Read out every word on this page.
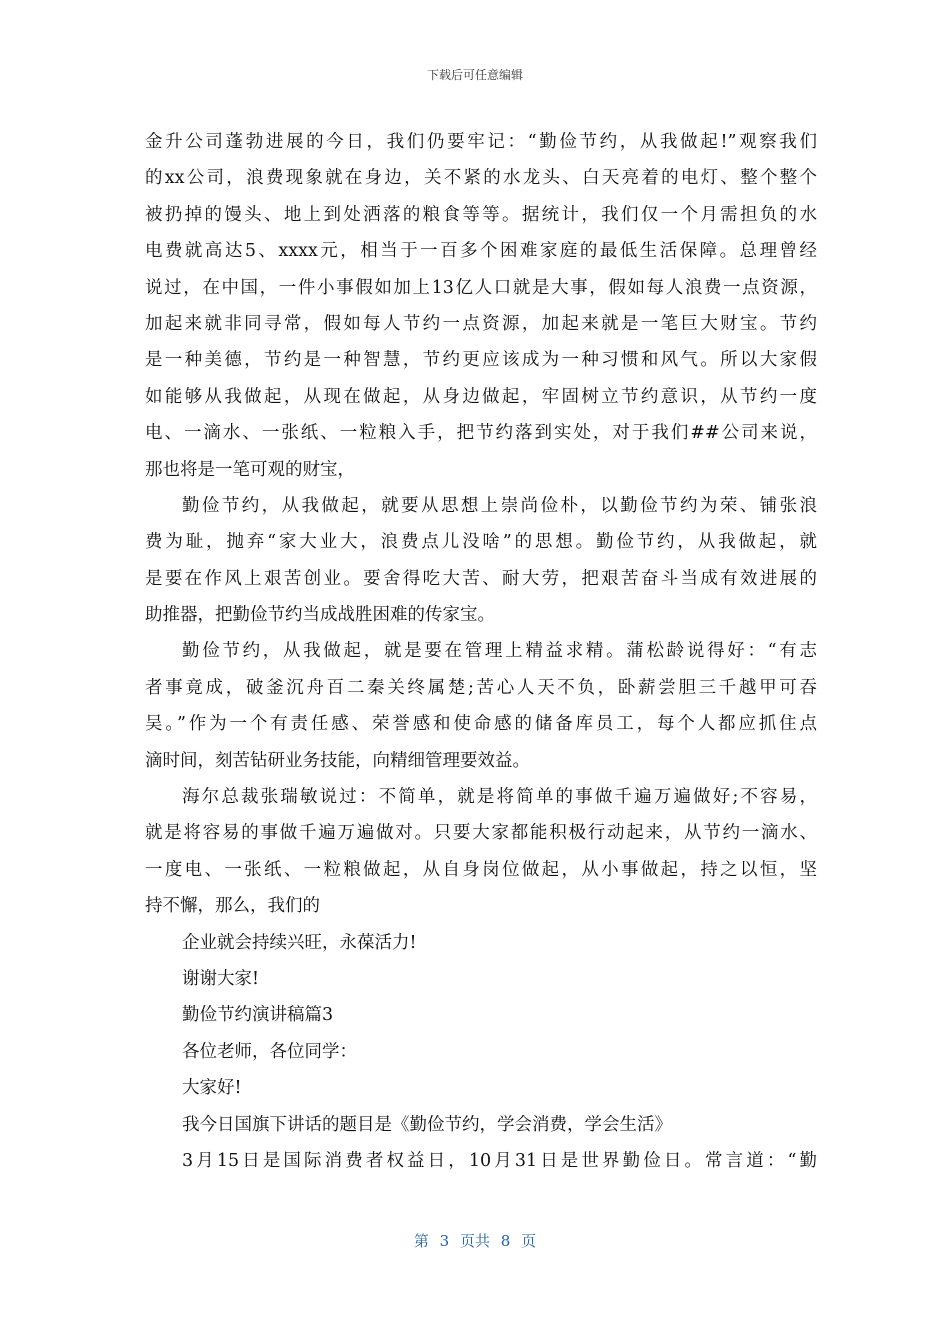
下载后可任意编辑
金升公司蓬勃进展的今日，我们仍要牢记：“勤俭节约，从我做起!”观察我们
的xx公司，浪费现象就在身边，关不紧的水龙头、白天亮着的电灯、整个整个
被扔掉的馒头、地上到处洒落的粮食等等。据统计，我们仅一个月需担负的水
电费就高达5、xxxx元，相当于一百多个困难家庭的最低生活保障。总理曾经
说过，在中国，一件小事假如加上13亿人口就是大事，假如每人浪费一点资源，
加起来就非同寻常，假如每人节约一点资源，加起来就是一笔巨大财宝。节约
是一种美德，节约是一种智慧，节约更应该成为一种习惯和风气。所以大家假
如能够从我做起，从现在做起，从身边做起，牢固树立节约意识，从节约一度
电、一滴水、一张纸、一粒粮入手，把节约落到实处，对于我们##公司来说，
那也将是一笔可观的财宝，
勤俭节约，从我做起，就要从思想上崇尚俭朴，以勤俭节约为荣、铺张浪
费为耻，抛弃“家大业大，浪费点儿没啥”的思想。勤俭节约，从我做起，就
是要在作风上艰苦创业。要舍得吃大苦、耐大劳，把艰苦奋斗当成有效进展的
助推器，把勤俭节约当成战胜困难的传家宝。
勤俭节约，从我做起，就是要在管理上精益求精。蒲松龄说得好：“有志
者事竟成，破釜沉舟百二秦关终属楚;苦心人天不负，卧薪尝胆三千越甲可吞
吴。”作为一个有责任感、荣誉感和使命感的储备库员工，每个人都应抓住点
滴时间，刻苦钻研业务技能，向精细管理要效益。
海尔总裁张瑞敏说过：不简单，就是将简单的事做千遍万遍做好;不容易，
就是将容易的事做千遍万遍做对。只要大家都能积极行动起来，从节约一滴水、
一度电、一张纸、一粒粮做起，从自身岗位做起，从小事做起，持之以恒，坚
持不懈，那么，我们的
企业就会持续兴旺，永葆活力!
谢谢大家!
勤俭节约演讲稿篇3
各位老师，各位同学：
大家好!
我今日国旗下讲话的题目是《勤俭节约，学会消费，学会生活》
3月15日是国际消费者权益日，10月31日是世界勤俭日。常言道：“勤
第 3 页共 8 页
